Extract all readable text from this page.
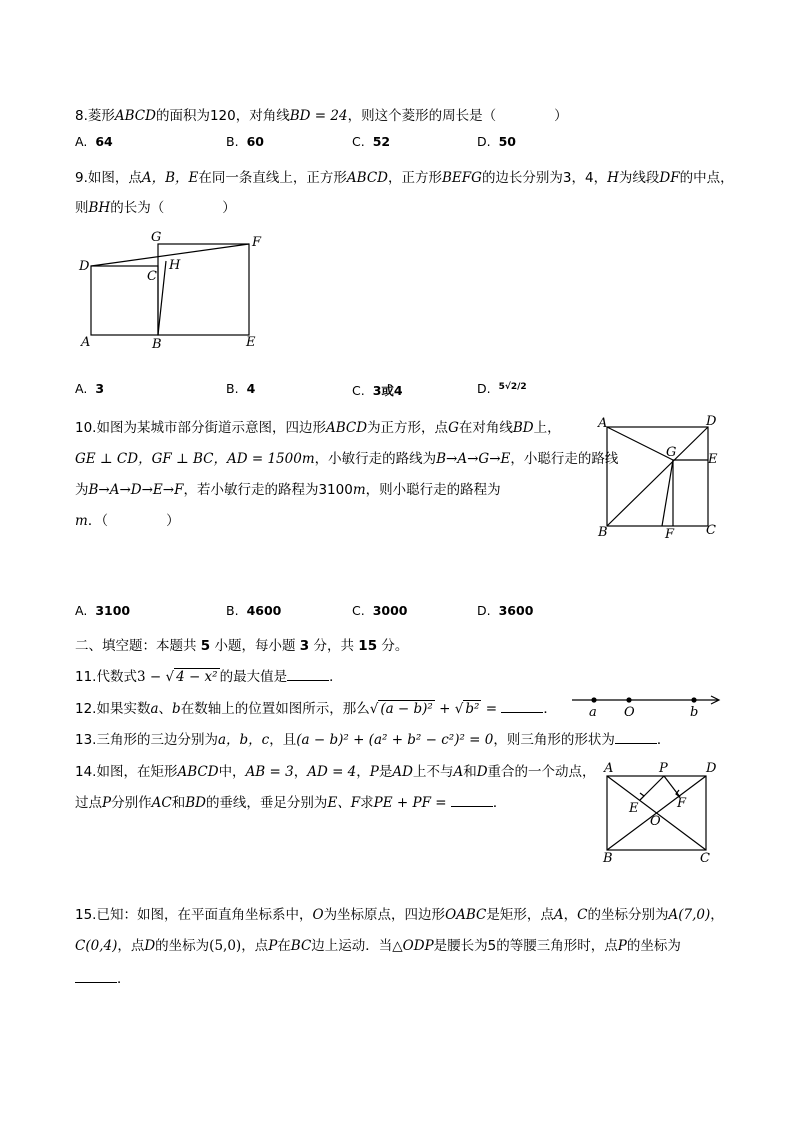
8.菱形ABCD的面积为120，对角线BD = 24，则这个菱形的周长是（	）
A. 64	B. 60	C. 52	D. 50
9.如图，点A，B，E在同一条直线上，正方形ABCD，正方形BEFG的边长分别为3，4，H为线段DF的中点，
则BH的长为（	）
G	F
D
C
H
A	B	E
A. 3	B. 4	C. 3或4	D. $^{5√2/2}$
10.如图为某城市部分街道示意图，四边形ABCD为正方形，点G在对角线BD上，
GE ⊥ CD，GF ⊥ BC，AD = 1500m，小敏行走的路线为B→A→G→E，小聪行走的路线
为B→A→D→E→F，若小敏行走的路程为3100m，则小聪行走的路程为
m．（	）
A	D
G E
B	F C
A. 3100	B. 4600	C. 3000	D. 3600
二、填空题：本题共 5 小题，每小题 3 分，共 15 分。
11.代数式3 − √ 4 − x² 的最大值是	．
12.如果实数a、b在数轴上的位置如图所示，那么√ (a − b)² + √ b² =	． a O	b
13.三角形的三边分别为a，b，c，且(a − b)² + (a² + b² − c²)² = 0，则三角形的形状为	．
14.如图，在矩形ABCD中，AB = 3，AD = 4，P是AD上不与A和D重合的一个动点，
过点P分别作AC和BD的垂线，垂足分别为E、F求PE + PF =	．
A	P	D
E	F
O
B	C
15.已知：如图，在平面直角坐标系中，O为坐标原点，四边形OABC是矩形，点A，C的坐标分别为A(7,0)，
C(0,4)，点D的坐标为(5,0)，点P在BC边上运动．当△ODP是腰长为5的等腰三角形时，点P的坐标为
．
